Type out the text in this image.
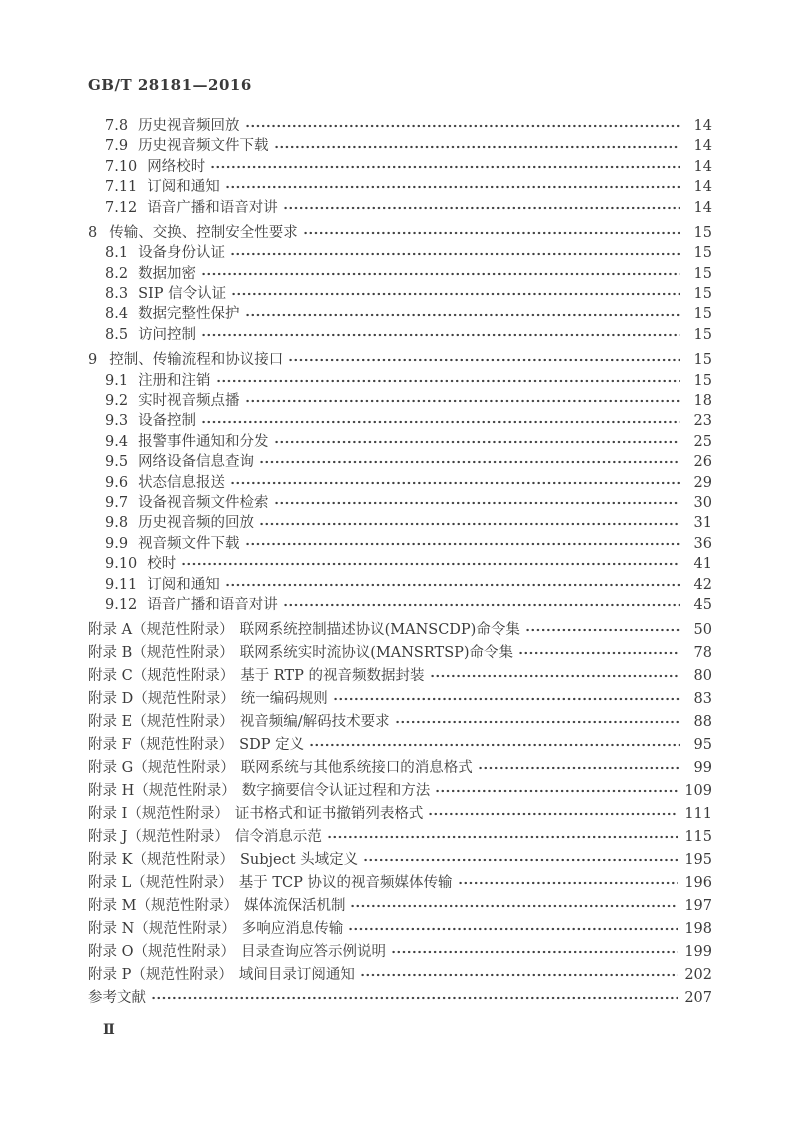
GB/T 28181—2016
7.8 历史视音频回放	14
7.9 历史视音频文件下载	14
7.10 网络校时	14
7.11 订阅和通知	14
7.12 语音广播和语音对讲	14
8 传输、交换、控制安全性要求	15
8.1 设备身份认证	15
8.2 数据加密	15
8.3 SIP 信令认证	15
8.4 数据完整性保护	15
8.5 访问控制	15
9 控制、传输流程和协议接口	15
9.1 注册和注销	15
9.2 实时视音频点播	18
9.3 设备控制	23
9.4 报警事件通知和分发	25
9.5 网络设备信息查询	26
9.6 状态信息报送	29
9.7 设备视音频文件检索	30
9.8 历史视音频的回放	31
9.9 视音频文件下载	36
9.10 校时	41
9.11 订阅和通知	42
9.12 语音广播和语音对讲	45
附录 A（规范性附录） 联网系统控制描述协议(MANSCDP)命令集	50
附录 B（规范性附录） 联网系统实时流协议(MANSRTSP)命令集	78
附录 C（规范性附录） 基于 RTP 的视音频数据封装	80
附录 D（规范性附录） 统一编码规则	83
附录 E（规范性附录） 视音频编/解码技术要求	88
附录 F（规范性附录） SDP 定义	95
附录 G（规范性附录） 联网系统与其他系统接口的消息格式	99
附录 H（规范性附录） 数字摘要信令认证过程和方法	109
附录 I（规范性附录） 证书格式和证书撤销列表格式	111
附录 J（规范性附录） 信令消息示范	115
附录 K（规范性附录） Subject 头域定义	195
附录 L（规范性附录） 基于 TCP 协议的视音频媒体传输	196
附录 M（规范性附录） 媒体流保活机制	197
附录 N（规范性附录） 多响应消息传输	198
附录 O（规范性附录） 目录查询应答示例说明	199
附录 P（规范性附录） 域间目录订阅通知	202
参考文献	207
Ⅱ
